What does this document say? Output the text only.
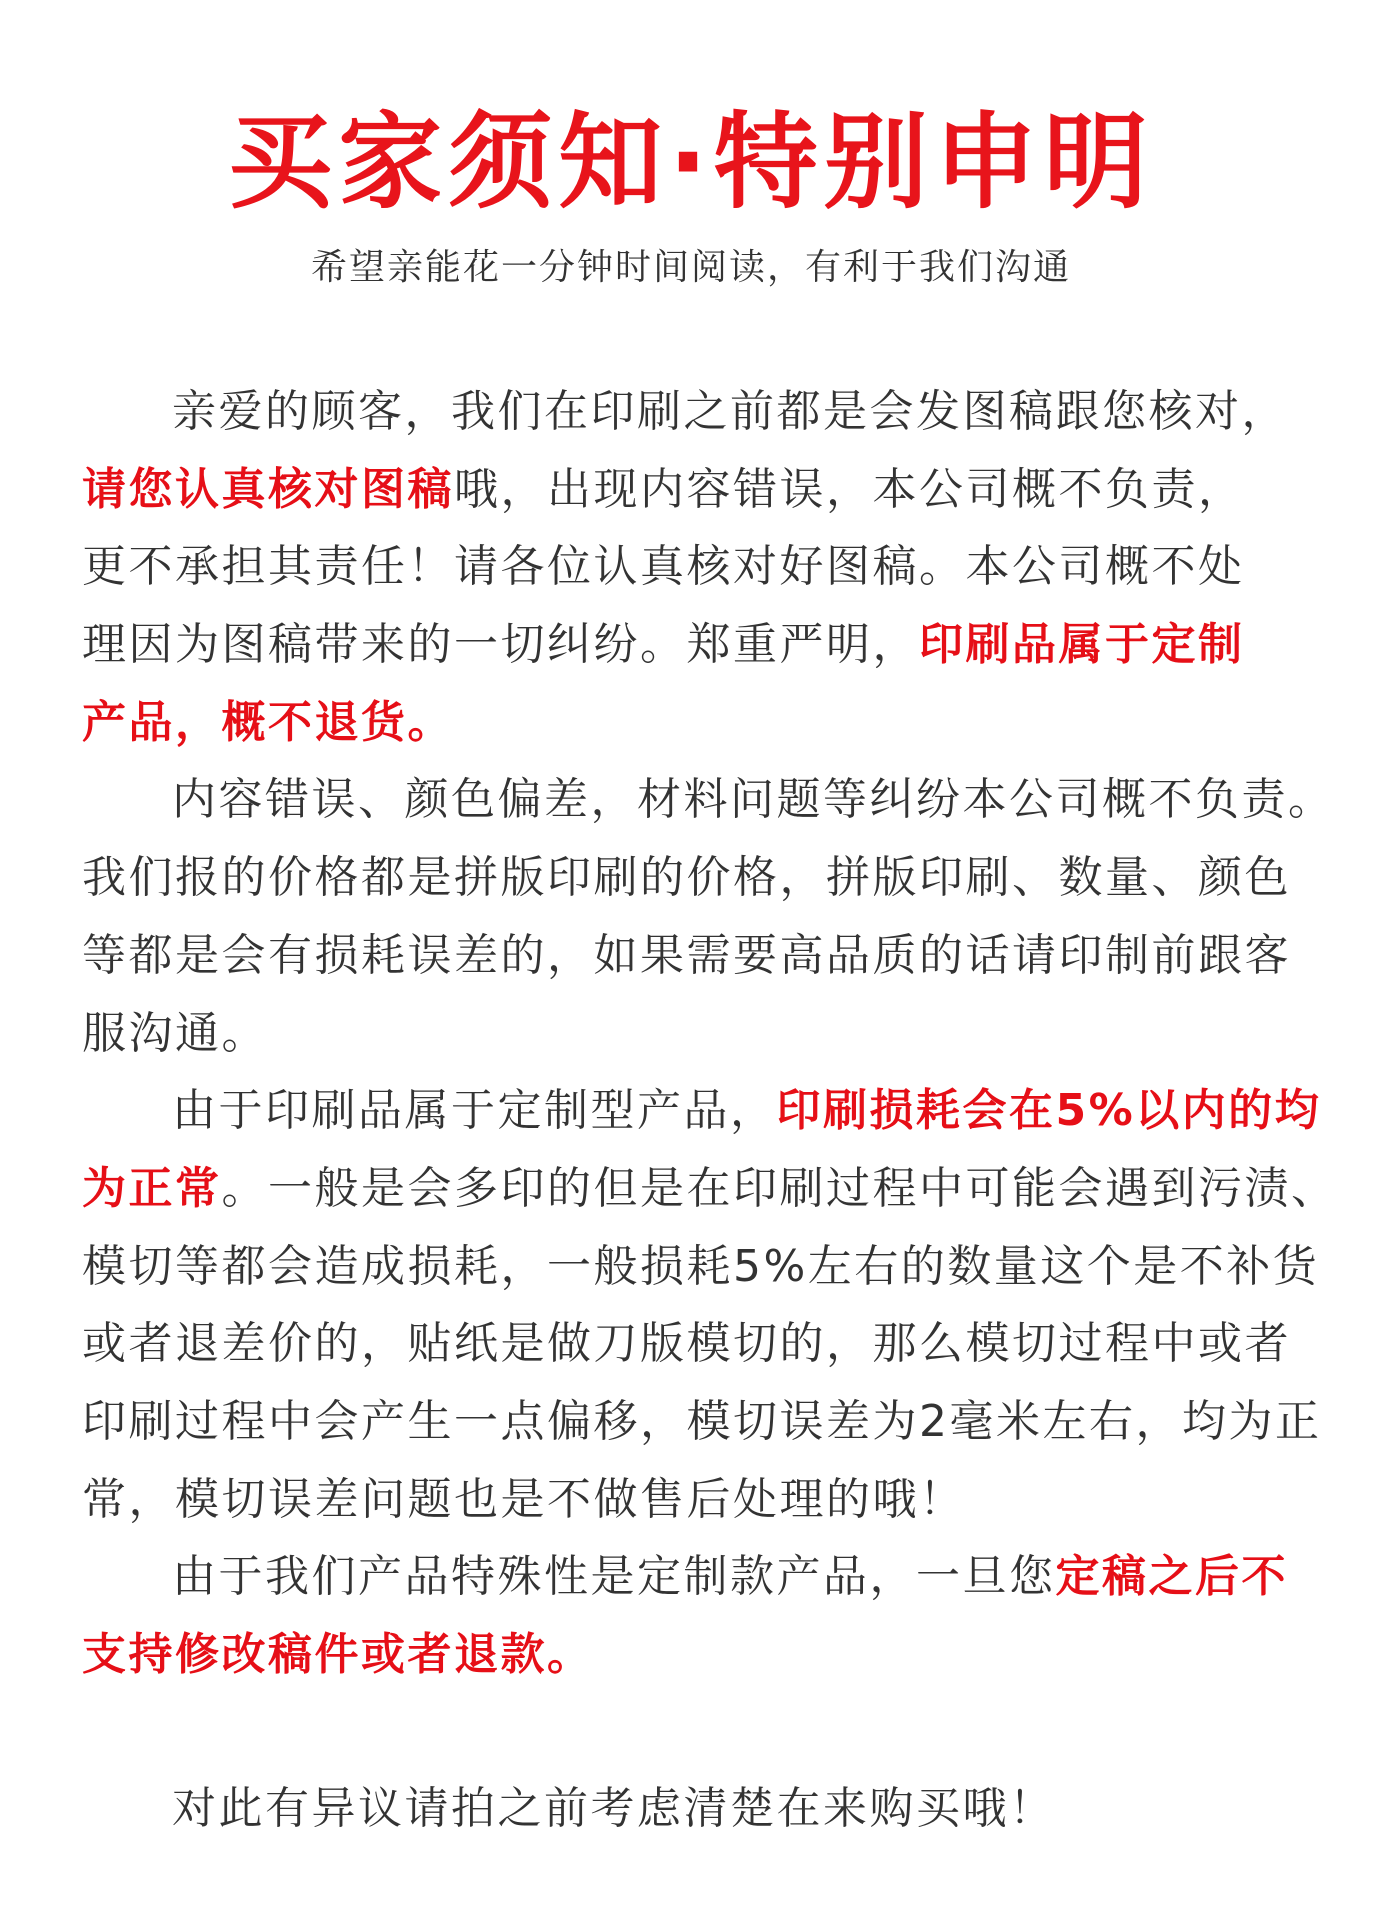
买家须知·特别申明
希望亲能花一分钟时间阅读，有利于我们沟通
亲爱的顾客，我们在印刷之前都是会发图稿跟您核对，
请您认真核对图稿哦，出现内容错误，本公司概不负责，
更不承担其责任！请各位认真核对好图稿。本公司概不处
理因为图稿带来的一切纠纷。郑重严明，印刷品属于定制
产品，概不退货。
内容错误、颜色偏差，材料问题等纠纷本公司概不负责。
我们报的价格都是拼版印刷的价格，拼版印刷、数量、颜色
等都是会有损耗误差的，如果需要高品质的话请印制前跟客
服沟通。
由于印刷品属于定制型产品，印刷损耗会在5%以内的均
为正常。一般是会多印的但是在印刷过程中可能会遇到污渍、
模切等都会造成损耗，一般损耗5%左右的数量这个是不补货
或者退差价的，贴纸是做刀版模切的，那么模切过程中或者
印刷过程中会产生一点偏移，模切误差为2毫米左右，均为正
常，模切误差问题也是不做售后处理的哦！
由于我们产品特殊性是定制款产品，一旦您定稿之后不
支持修改稿件或者退款。
对此有异议请拍之前考虑清楚在来购买哦！
